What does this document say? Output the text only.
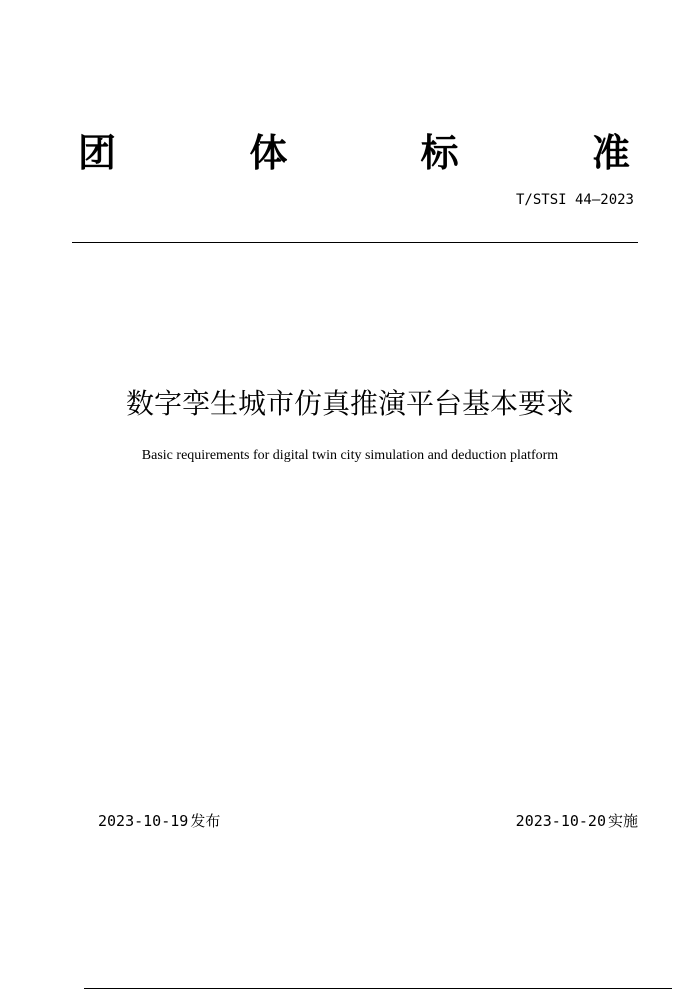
团	体	标	准
T/STSI 44—2023
数字孪生城市仿真推演平台基本要求
Basic requirements for digital twin city simulation and deduction platform
2023-10-19 发布	2023-10-20 实施
